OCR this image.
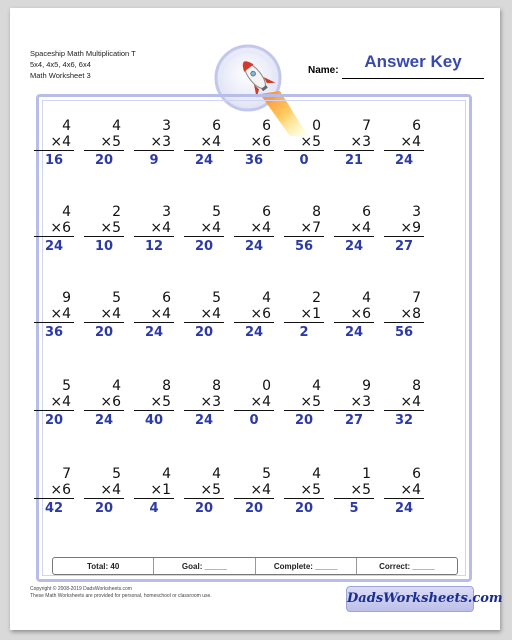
Spaceship Math Multiplication T
5x4, 4x5, 4x6, 6x4
Math Worksheet 3	Name:	Answer Key
4
×4
16
4
×5
20
3
×3
9
6
×4
24
6
×6
36
0
×5
0
7
×3
21
6
×4
24
4
×6
24
2
×5
10
3
×4
12
5
×4
20
6
×4
24
8
×7
56
6
×4
24
3
×9
27
9
×4
36
5
×4
20
6
×4
24
5
×4
20
4
×6
24
2
×1
2
4
×6
24
7
×8
56
5
×4
20
4
×6
24
8
×5
40
8
×3
24
0
×4
0
4
×5
20
9
×3
27
8
×4
32
7
×6
42
5
×4
20
4
×1
4
4
×5
20
5
×4
20
4
×5
20
1
×5
5
6
×4
24
Total: 40	Goal: _____	Complete: _____	Correct: _____
Copyright © 2008-2019 DadsWorksheets.com
These Math Worksheets are provided for personal, homeschool or classroom use.	DadsWorksheets.com
